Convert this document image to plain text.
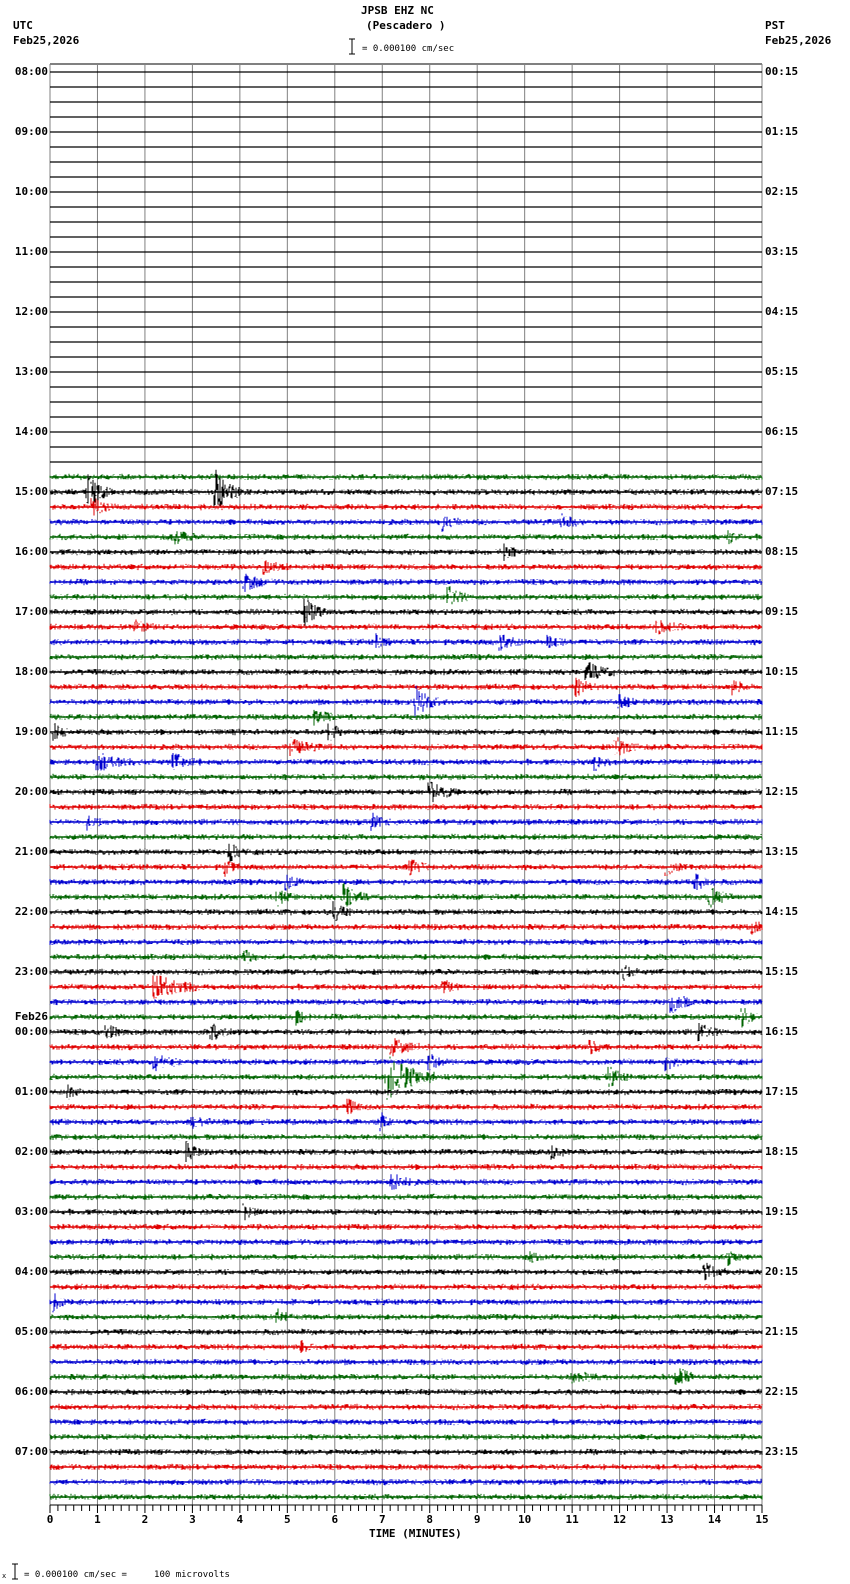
JPSB EHZ NC
(Pescadero )
UTC
Feb25,2026
PST
Feb25,2026
= 0.000100 cm/sec
08:00
09:00
10:00
11:00
12:00
13:00
14:00
15:00
16:00
17:00
18:00
19:00
20:00
21:00
22:00
23:00
Feb26
00:00
01:00
02:00
03:00
04:00
05:00
06:00
07:00
00:15
01:15
02:15
03:15
04:15
05:15
06:15
07:15
08:15
09:15
10:15
11:15
12:15
13:15
14:15
15:15
16:15
17:15
18:15
19:15
20:15
21:15
22:15
23:15
0	1	2	3	4	5	6	7	8	9	10	11	12	13	14	15
TIME (MINUTES)
x = 0.000100 cm/sec =     100 microvolts
